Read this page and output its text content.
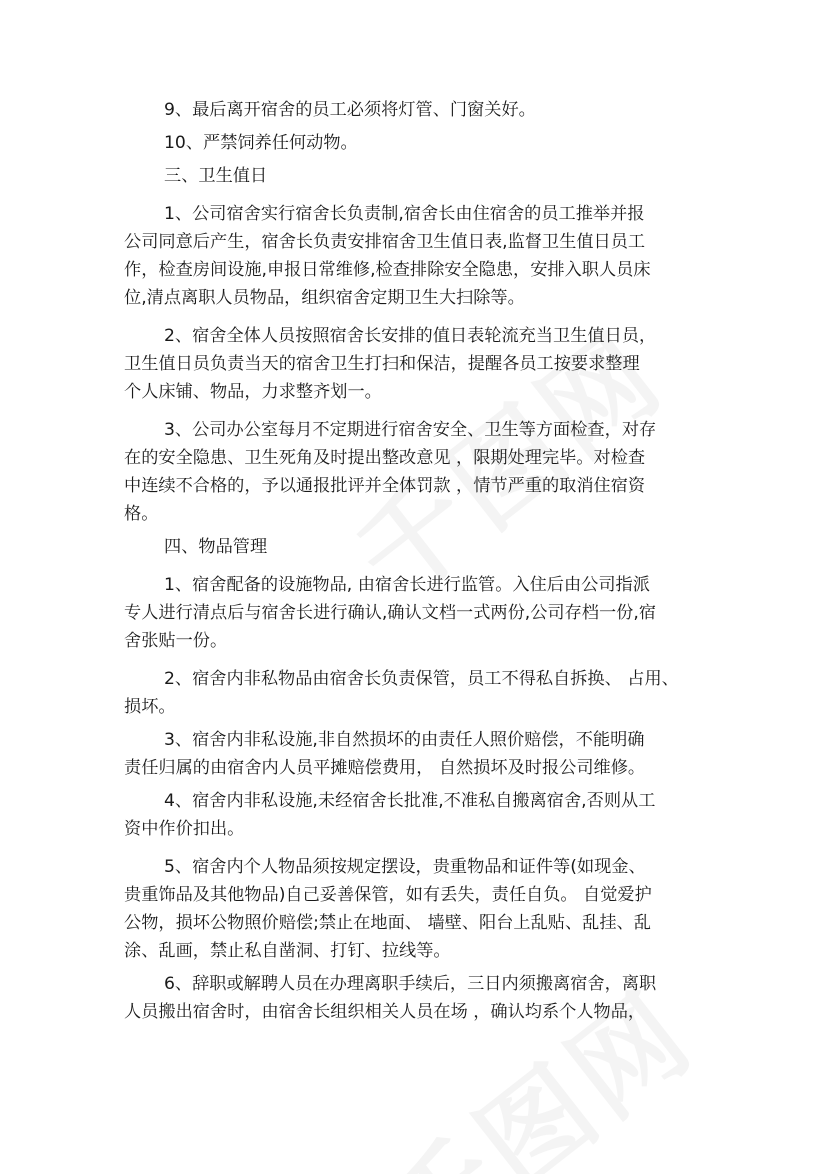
9、最后离开宿舍的员工必须将灯管、门窗关好。

10、严禁饲养任何动物。

三、卫生值日

1、公司宿舍实行宿舍长负责制,宿舍长由住宿舍的员工推举并报

公司同意后产生，宿舍长负责安排宿舍卫生值日表,监督卫生值日员工

作，检查房间设施,申报日常维修,检查排除安全隐患，安排入职人员床

位,清点离职人员物品，组织宿舍定期卫生大扫除等。

2、宿舍全体人员按照宿舍长安排的值日表轮流充当卫生值日员，

卫生值日员负责当天的宿舍卫生打扫和保洁，提醒各员工按要求整理

个人床铺、物品，力求整齐划一。

3、公司办公室每月不定期进行宿舍安全、卫生等方面检查，对存

在的安全隐患、卫生死角及时提出整改意见 ，限期处理完毕。对检查

中连续不合格的，予以通报批评并全体罚款 ，情节严重的取消住宿资

格。

四、物品管理

1、宿舍配备的设施物品, 由宿舍长进行监管。入住后由公司指派

专人进行清点后与宿舍长进行确认,确认文档一式两份,公司存档一份,宿

舍张贴一份。

2、宿舍内非私物品由宿舍长负责保管，员工不得私自拆换、 占用、

损坏。

3、宿舍内非私设施,非自然损坏的由责任人照价赔偿，不能明确

责任归属的由宿舍内人员平摊赔偿费用， 自然损坏及时报公司维修。

4、宿舍内非私设施,未经宿舍长批准,不准私自搬离宿舍,否则从工

资中作价扣出。

5、宿舍内个人物品须按规定摆设，贵重物品和证件等(如现金、

贵重饰品及其他物品)自己妥善保管，如有丢失，责任自负。 自觉爱护

公物，损坏公物照价赔偿;禁止在地面、 墙壁、阳台上乱贴、乱挂、乱

涂、乱画，禁止私自凿洞、打钉、拉线等。

6、辞职或解聘人员在办理离职手续后，三日内须搬离宿舍，离职

人员搬出宿舍时，由宿舍长组织相关人员在场 ，确认均系个人物品，
